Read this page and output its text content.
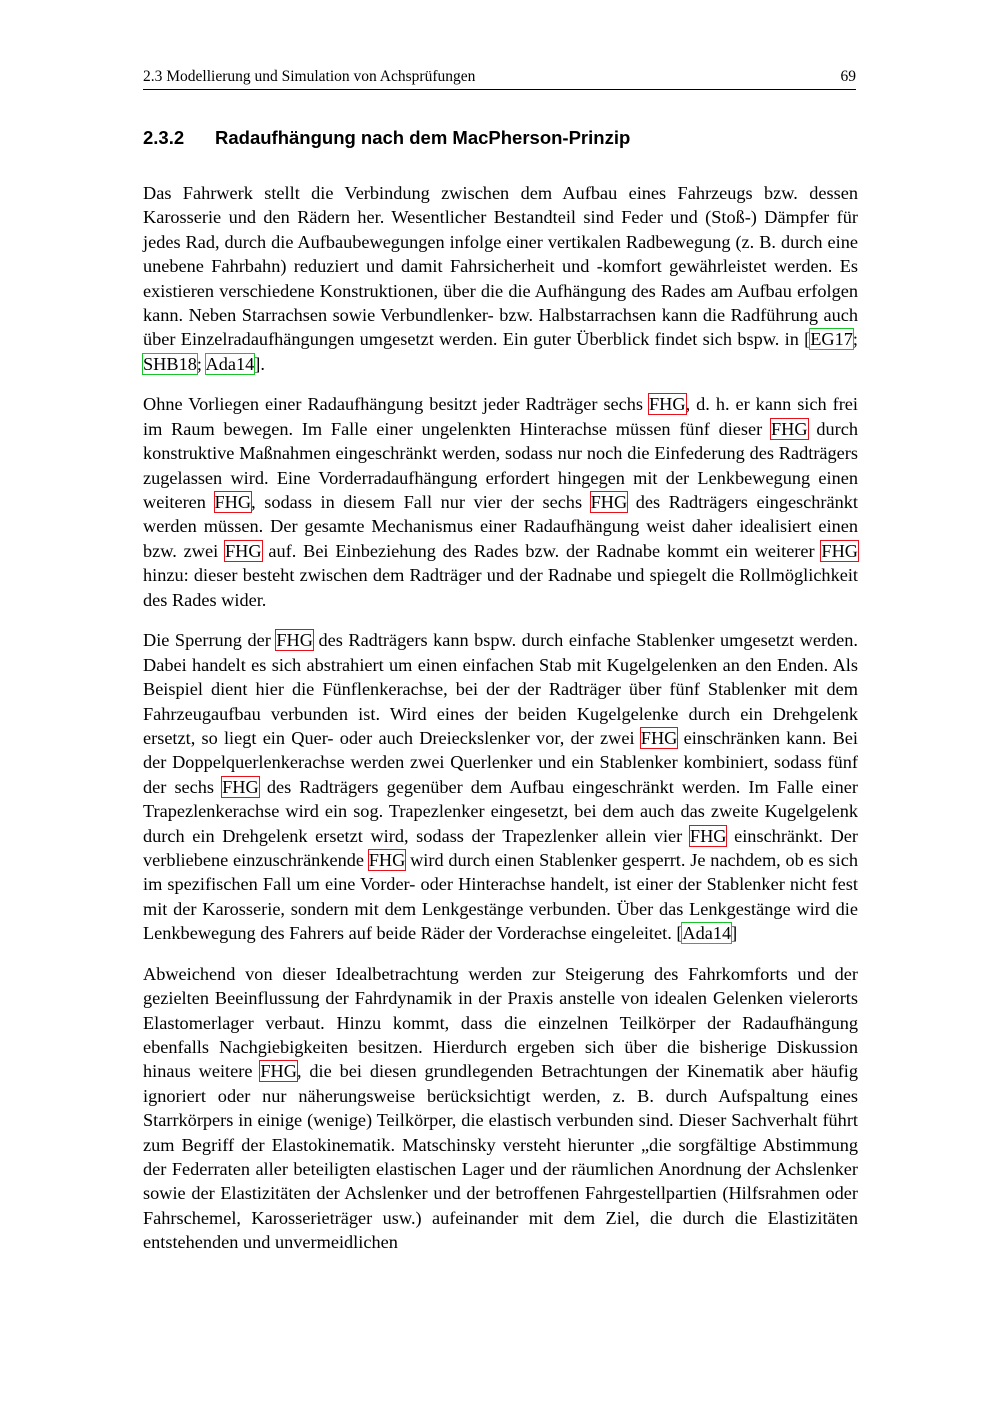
2.3 Modellierung und Simulation von Achsprüfungen	69
2.3.2 Radaufhängung nach dem MacPherson-Prinzip

Das Fahrwerk stellt die Verbindung zwischen dem Aufbau eines Fahrzeugs bzw. dessen Karosserie und den Rädern her. Wesentlicher Bestandteil sind Feder und (Stoß-) Dämpfer für jedes Rad, durch die Aufbaubewegungen infolge einer vertikalen Radbewegung (z. B. durch eine unebene Fahrbahn) reduziert und damit Fahrsicherheit und -komfort gewährleistet werden. Es existieren verschiedene Konstruktionen, über die die Aufhängung des Rades am Aufbau erfolgen kann. Neben Starrachsen sowie Verbundlenker- bzw. Halbstarrachsen kann die Radführung auch über Einzelradaufhängungen umgesetzt werden. Ein guter Überblick findet sich bspw. in [EG17; SHB18; Ada14].

Ohne Vorliegen einer Radaufhängung besitzt jeder Radträger sechs FHG, d. h. er kann sich frei im Raum bewegen. Im Falle einer ungelenkten Hinterachse müssen fünf dieser FHG durch konstruktive Maßnahmen eingeschränkt werden, sodass nur noch die Einfederung des Radträgers zugelassen wird. Eine Vorderradaufhängung erfordert hingegen mit der Lenkbewegung einen weiteren FHG, sodass in diesem Fall nur vier der sechs FHG des Radträgers eingeschränkt werden müssen. Der gesamte Mechanismus einer Radaufhängung weist daher idealisiert einen bzw. zwei FHG auf. Bei Einbeziehung des Rades bzw. der Radnabe kommt ein weiterer FHG hinzu: dieser besteht zwischen dem Radträger und der Radnabe und spiegelt die Rollmöglichkeit des Rades wider.

Die Sperrung der FHG des Radträgers kann bspw. durch einfache Stablenker umgesetzt werden. Dabei handelt es sich abstrahiert um einen einfachen Stab mit Kugelgelenken an den Enden. Als Beispiel dient hier die Fünflenkerachse, bei der der Radträger über fünf Stablenker mit dem Fahrzeugaufbau verbunden ist. Wird eines der beiden Kugelgelenke durch ein Drehgelenk ersetzt, so liegt ein Quer- oder auch Dreieckslenker vor, der zwei FHG einschränken kann. Bei der Doppelquerlenkerachse werden zwei Querlenker und ein Stablenker kombiniert, sodass fünf der sechs FHG des Radträgers gegenüber dem Aufbau eingeschränkt werden. Im Falle einer Trapezlenkerachse wird ein sog. Trapezlenker eingesetzt, bei dem auch das zweite Kugelgelenk durch ein Drehgelenk ersetzt wird, sodass der Trapezlenker allein vier FHG einschränkt. Der verbliebene einzuschränkende FHG wird durch einen Stablenker gesperrt. Je nachdem, ob es sich im spezifischen Fall um eine Vorder- oder Hinterachse handelt, ist einer der Stablenker nicht fest mit der Karosserie, sondern mit dem Lenkgestänge verbunden. Über das Lenkgestänge wird die Lenkbewegung des Fahrers auf beide Räder der Vorderachse eingeleitet. [Ada14]

Abweichend von dieser Idealbetrachtung werden zur Steigerung des Fahrkomforts und der gezielten Beeinflussung der Fahrdynamik in der Praxis anstelle von idealen Gelenken vielerorts Elastomerlager verbaut. Hinzu kommt, dass die einzelnen Teilkörper der Radaufhängung ebenfalls Nachgiebigkeiten besitzen. Hierdurch ergeben sich über die bisherige Diskussion hinaus weitere FHG, die bei diesen grundlegenden Betrachtungen der Kinematik aber häufig ignoriert oder nur näherungsweise berücksichtigt werden, z. B. durch Aufspaltung eines Starrkörpers in einige (wenige) Teilkörper, die elastisch verbunden sind. Dieser Sachverhalt führt zum Begriff der Elastokinematik. Matschinsky versteht hierunter „die sorgfältige Abstimmung der Federraten aller beteiligten elastischen Lager und der räumlichen Anordnung der Achslenker sowie der Elastizitäten der Achslenker und der betroffenen Fahrgestellpartien (Hilfsrahmen oder Fahrschemel, Karosserieträger usw.) aufeinander mit dem Ziel, die durch die Elastizitäten entstehenden und unvermeidlichen
